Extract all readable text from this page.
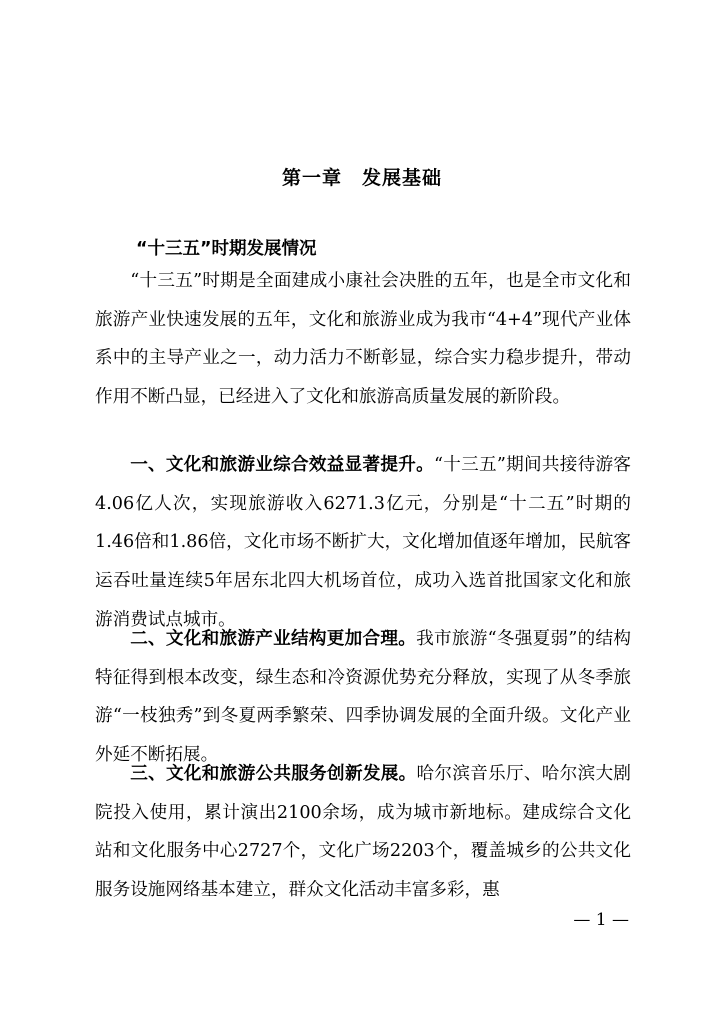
第一章　发展基础
“十三五”时期发展情况

“十三五”时期是全面建成小康社会决胜的五年，也是全市文化和旅游产业快速发展的五年，文化和旅游业成为我市“4+4”现代产业体系中的主导产业之一，动力活力不断彰显，综合实力稳步提升，带动作用不断凸显，已经进入了文化和旅游高质量发展的新阶段。

一、文化和旅游业综合效益显著提升。“十三五”期间共接待游客4.06亿人次，实现旅游收入6271.3亿元，分别是“十二五”时期的1.46倍和1.86倍，文化市场不断扩大，文化增加值逐年增加，民航客运吞吐量连续5年居东北四大机场首位，成功入选首批国家文化和旅游消费试点城市。

二、文化和旅游产业结构更加合理。我市旅游“冬强夏弱”的结构特征得到根本改变，绿生态和冷资源优势充分释放，实现了从冬季旅游“一枝独秀”到冬夏两季繁荣、四季协调发展的全面升级。文化产业外延不断拓展。

三、文化和旅游公共服务创新发展。哈尔滨音乐厅、哈尔滨大剧院投入使用，累计演出2100余场，成为城市新地标。建成综合文化站和文化服务中心2727个，文化广场2203个，覆盖城乡的公共文化服务设施网络基本建立，群众文化活动丰富多彩，惠

— 1 —
